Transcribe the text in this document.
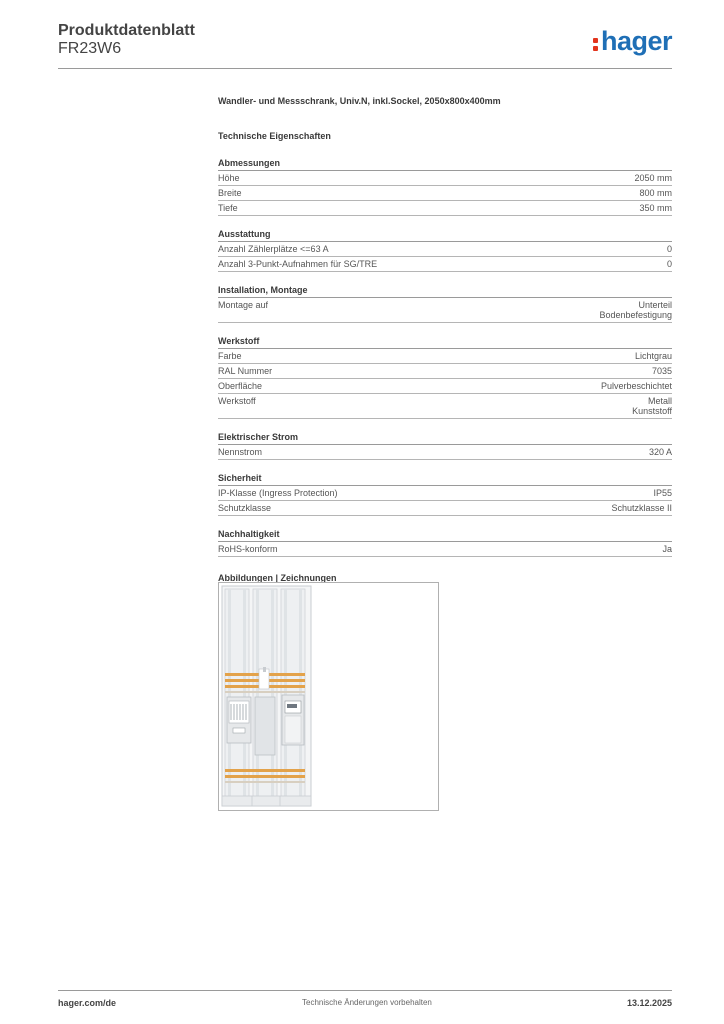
Produktdatenblatt
FR23W6	hager
Wandler- und Messschrank, Univ.N, inkl.Sockel, 2050x800x400mm
Technische Eigenschaften
Abmessungen
Höhe	2050 mm
Breite	800 mm
Tiefe	350 mm
Ausstattung
Anzahl Zählerplätze <=63 A	0
Anzahl 3-Punkt-Aufnahmen für SG/TRE	0
Installation, Montage
Montage auf	Unterteil
Bodenbefestigung
Werkstoff
Farbe	Lichtgrau
RAL Nummer	7035
Oberfläche	Pulverbeschichtet
Werkstoff	Metall
Kunststoff
Elektrischer Strom
Nennstrom	320 A
Sicherheit
IP-Klasse (Ingress Protection)	IP55
Schutzklasse	Schutzklasse II
Nachhaltigkeit
RoHS-konform	Ja
Abbildungen | Zeichnungen
hager.com/de	Technische Änderungen vorbehalten	13.12.2025
